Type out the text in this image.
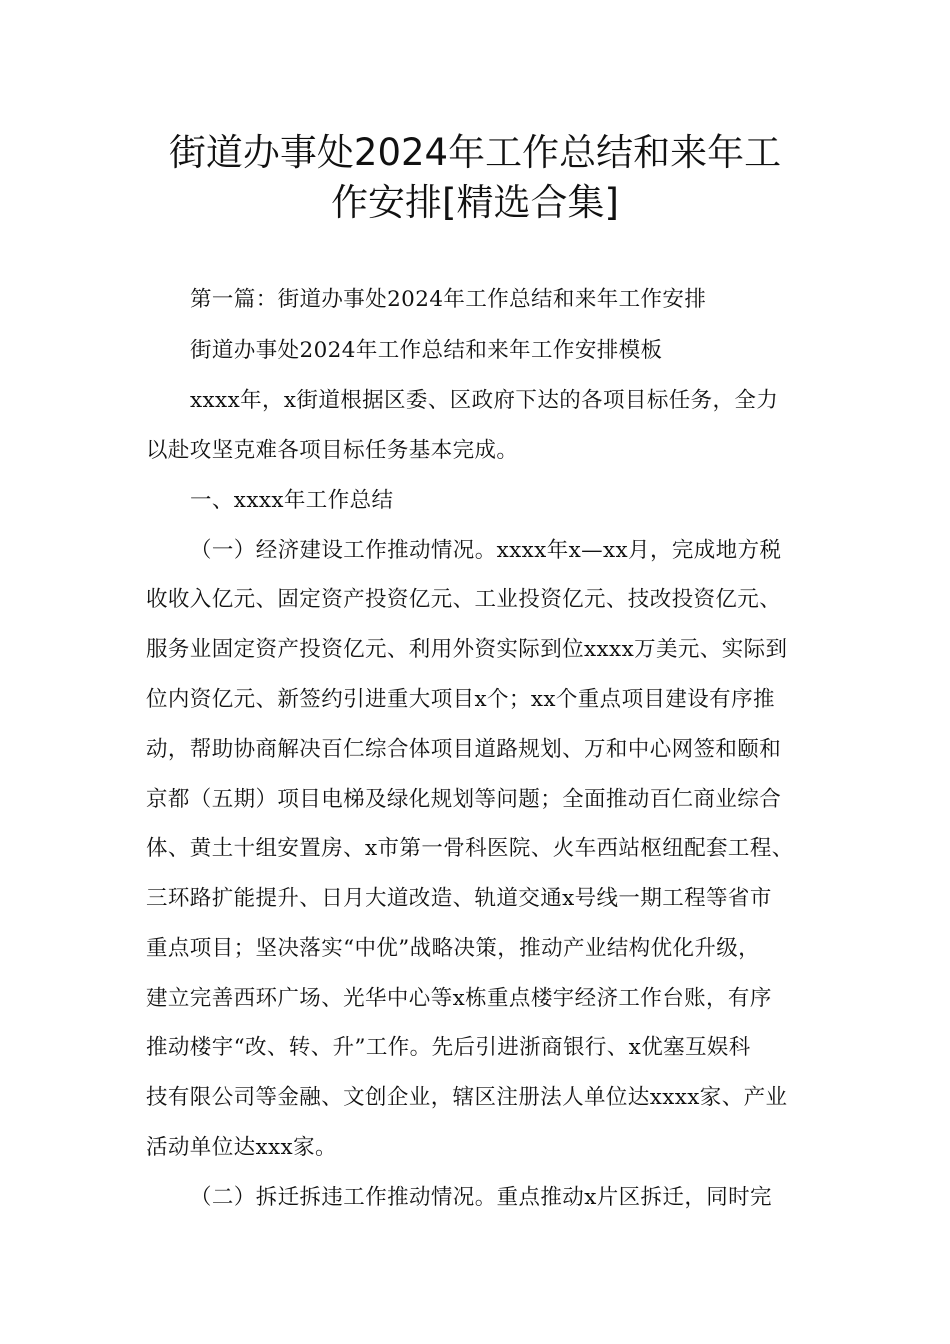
街道办事处2024年工作总结和来年工
作安排[精选合集]
第一篇：街道办事处2024年工作总结和来年工作安排
街道办事处2024年工作总结和来年工作安排模板
xxxx年，x街道根据区委、区政府下达的各项目标任务，全力
以赴攻坚克难各项目标任务基本完成。
一、xxxx年工作总结
（一）经济建设工作推动情况。xxxx年x—xx月，完成地方税
收收入亿元、固定资产投资亿元、工业投资亿元、技改投资亿元、
服务业固定资产投资亿元、利用外资实际到位xxxx万美元、实际到
位内资亿元、新签约引进重大项目x个；xx个重点项目建设有序推
动，帮助协商解决百仁综合体项目道路规划、万和中心网签和颐和
京都（五期）项目电梯及绿化规划等问题；全面推动百仁商业综合
体、黄土十组安置房、x市第一骨科医院、火车西站枢纽配套工程、
三环路扩能提升、日月大道改造、轨道交通x号线一期工程等省市
重点项目；坚决落实“中优”战略决策，推动产业结构优化升级，
建立完善西环广场、光华中心等x栋重点楼宇经济工作台账，有序
推动楼宇“改、转、升”工作。先后引进浙商银行、x优塞互娱科
技有限公司等金融、文创企业，辖区注册法人单位达xxxx家、产业
活动单位达xxx家。
（二）拆迁拆违工作推动情况。重点推动x片区拆迁，同时完
